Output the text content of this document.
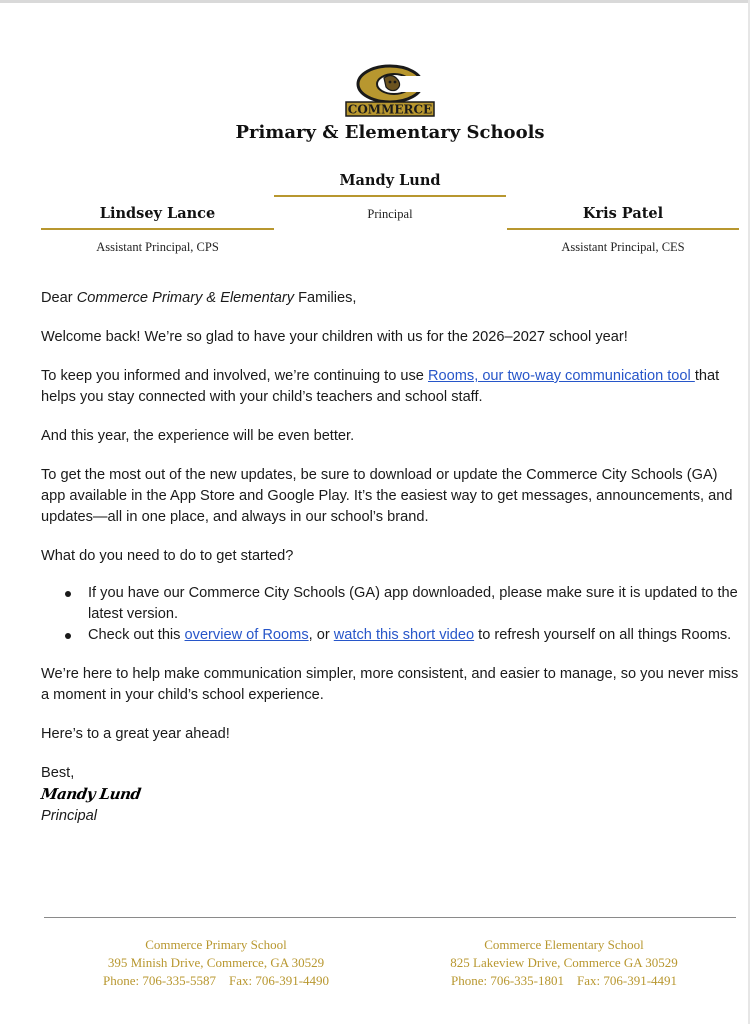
COMMERCE
Primary & Elementary Schools
Mandy Lund
Principal
Lindsey Lance
Assistant Principal, CPS
Kris Patel
Assistant Principal, CES

Dear Commerce Primary & Elementary Families,

Welcome back! We’re so glad to have your children with us for the 2026–2027 school year!

To keep you informed and involved, we’re continuing to use Rooms, our two-way communication tool that helps you stay connected with your child’s teachers and school staff.

And this year, the experience will be even better.

To get the most out of the new updates, be sure to download or update the Commerce City Schools (GA) app available in the App Store and Google Play. It’s the easiest way to get messages, announcements, and updates—all in one place, and always in our school’s brand.

What do you need to do to get started?

If you have our Commerce City Schools (GA) app downloaded, please make sure it is updated to the latest version.
Check out this overview of Rooms, or watch this short video to refresh yourself on all things Rooms.

We’re here to help make communication simpler, more consistent, and easier to manage, so you never miss a moment in your child’s school experience.

Here’s to a great year ahead!

Best,

Mandy Lund

Principal

Commerce Primary School
395 Minish Drive, Commerce, GA 30529
Phone: 706-335-5587 Fax: 706-391-4490
Commerce Elementary School
825 Lakeview Drive, Commerce GA 30529
Phone: 706-335-1801 Fax: 706-391-4491
